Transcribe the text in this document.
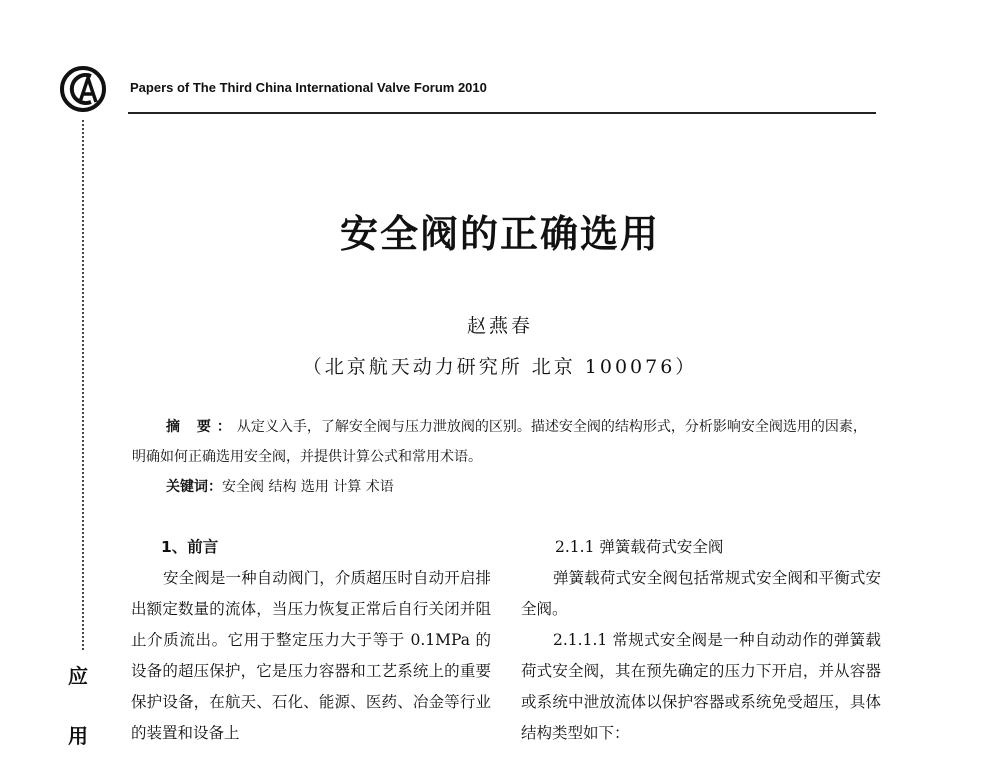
应
用
Papers of The Third China International Valve Forum 2010
安全阀的正确选用
赵燕春
（北京航天动力研究所 北京 100076）
摘 要：从定义入手，了解安全阀与压力泄放阀的区别。描述安全阀的结构形式，分析影响安全阀选用的因素，明确如何正确选用安全阀，并提供计算公式和常用术语。
关键词：安全阀 结构 选用 计算 术语
1、前言

安全阀是一种自动阀门，介质超压时自动开启排出额定数量的流体，当压力恢复正常后自行关闭并阻止介质流出。它用于整定压力大于等于 0.1MPa 的设备的超压保护，它是压力容器和工艺系统上的重要保护设备，在航天、石化、能源、医药、冶金等行业的装置和设备上

2.1.1 弹簧载荷式安全阀

弹簧载荷式安全阀包括常规式安全阀和平衡式安全阀。

2.1.1.1 常规式安全阀是一种自动动作的弹簧载荷式安全阀，其在预先确定的压力下开启，并从容器或系统中泄放流体以保护容器或系统免受超压，具体结构类型如下：
